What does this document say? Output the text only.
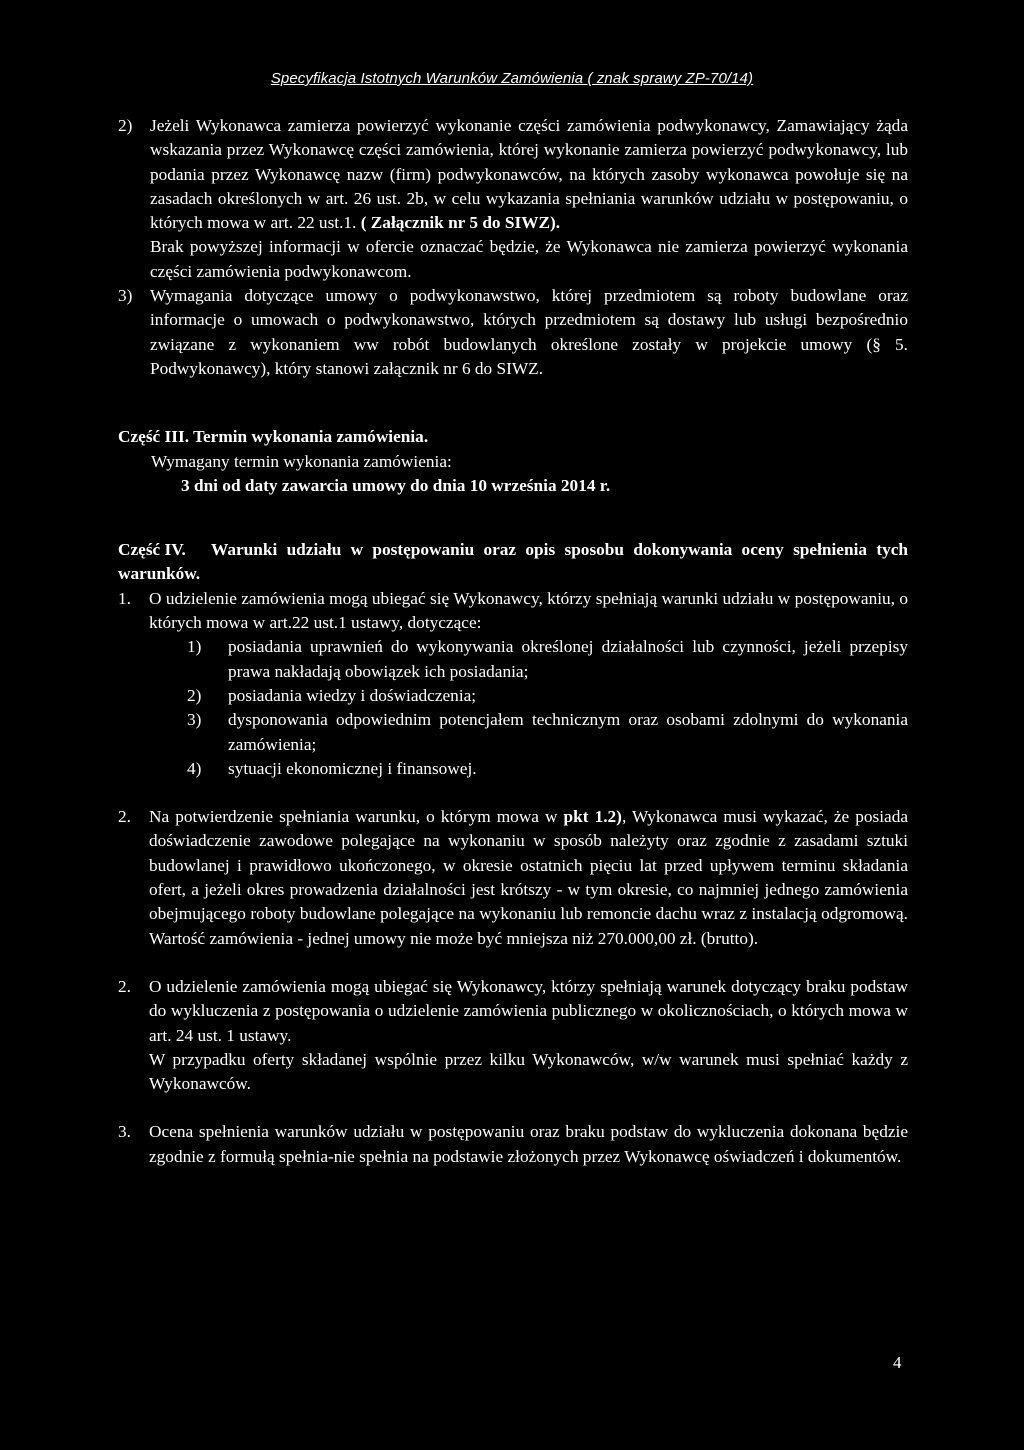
Specyfikacja Istotnych Warunków Zamówienia ( znak sprawy ZP-70/14)
2) Jeżeli Wykonawca zamierza powierzyć wykonanie części zamówienia podwykonawcy, Zamawiający żąda wskazania przez Wykonawcę części zamówienia, której wykonanie zamierza powierzyć podwykonawcy, lub podania przez Wykonawcę nazw (firm) podwykonawców, na których zasoby wykonawca powołuje się na zasadach określonych w art. 26 ust. 2b, w celu wykazania spełniania warunków udziału w postępowaniu, o których mowa w art. 22 ust.1. ( Załącznik nr 5 do SIWZ).
Brak powyższej informacji w ofercie oznaczać będzie, że Wykonawca nie zamierza powierzyć wykonania części zamówienia podwykonawcom.
3) Wymagania dotyczące umowy o podwykonawstwo, której przedmiotem są roboty budowlane oraz informacje o umowach o podwykonawstwo, których przedmiotem są dostawy lub usługi bezpośrednio związane z wykonaniem ww robót budowlanych określone zostały w projekcie umowy (§ 5. Podwykonawcy), który stanowi załącznik nr 6 do SIWZ.
Część III. Termin wykonania zamówienia.
Wymagany termin wykonania zamówienia:
3 dni od daty zawarcia umowy do dnia 10 września 2014 r.
Część IV. Warunki udziału w postępowaniu oraz opis sposobu dokonywania oceny spełnienia tych warunków.
1. O udzielenie zamówienia mogą ubiegać się Wykonawcy, którzy spełniają warunki udziału w postępowaniu, o których mowa w art.22 ust.1 ustawy, dotyczące:
1) posiadania uprawnień do wykonywania określonej działalności lub czynności, jeżeli przepisy prawa nakładają obowiązek ich posiadania;
2) posiadania wiedzy i doświadczenia;
3) dysponowania odpowiednim potencjałem technicznym oraz osobami zdolnymi do wykonania zamówienia;
4) sytuacji ekonomicznej i finansowej.
2. Na potwierdzenie spełniania warunku, o którym mowa w pkt 1.2), Wykonawca musi wykazać, że posiada doświadczenie zawodowe polegające na wykonaniu w sposób należyty oraz zgodnie z zasadami sztuki budowlanej i prawidłowo ukończonego, w okresie ostatnich pięciu lat przed upływem terminu składania ofert, a jeżeli okres prowadzenia działalności jest krótszy - w tym okresie, co najmniej jednego zamówienia obejmującego roboty budowlane polegające na wykonaniu lub remoncie dachu wraz z instalacją odgromową. Wartość zamówienia - jednej umowy nie może być mniejsza niż 270.000,00 zł. (brutto).
2. O udzielenie zamówienia mogą ubiegać się Wykonawcy, którzy spełniają warunek dotyczący braku podstaw do wykluczenia z postępowania o udzielenie zamówienia publicznego w okolicznościach, o których mowa w art. 24 ust. 1 ustawy.
W przypadku oferty składanej wspólnie przez kilku Wykonawców, w/w warunek musi spełniać każdy z Wykonawców.
3. Ocena spełnienia warunków udziału w postępowaniu oraz braku podstaw do wykluczenia dokonana będzie zgodnie z formułą spełnia-nie spełnia na podstawie złożonych przez Wykonawcę oświadczeń i dokumentów.
4
